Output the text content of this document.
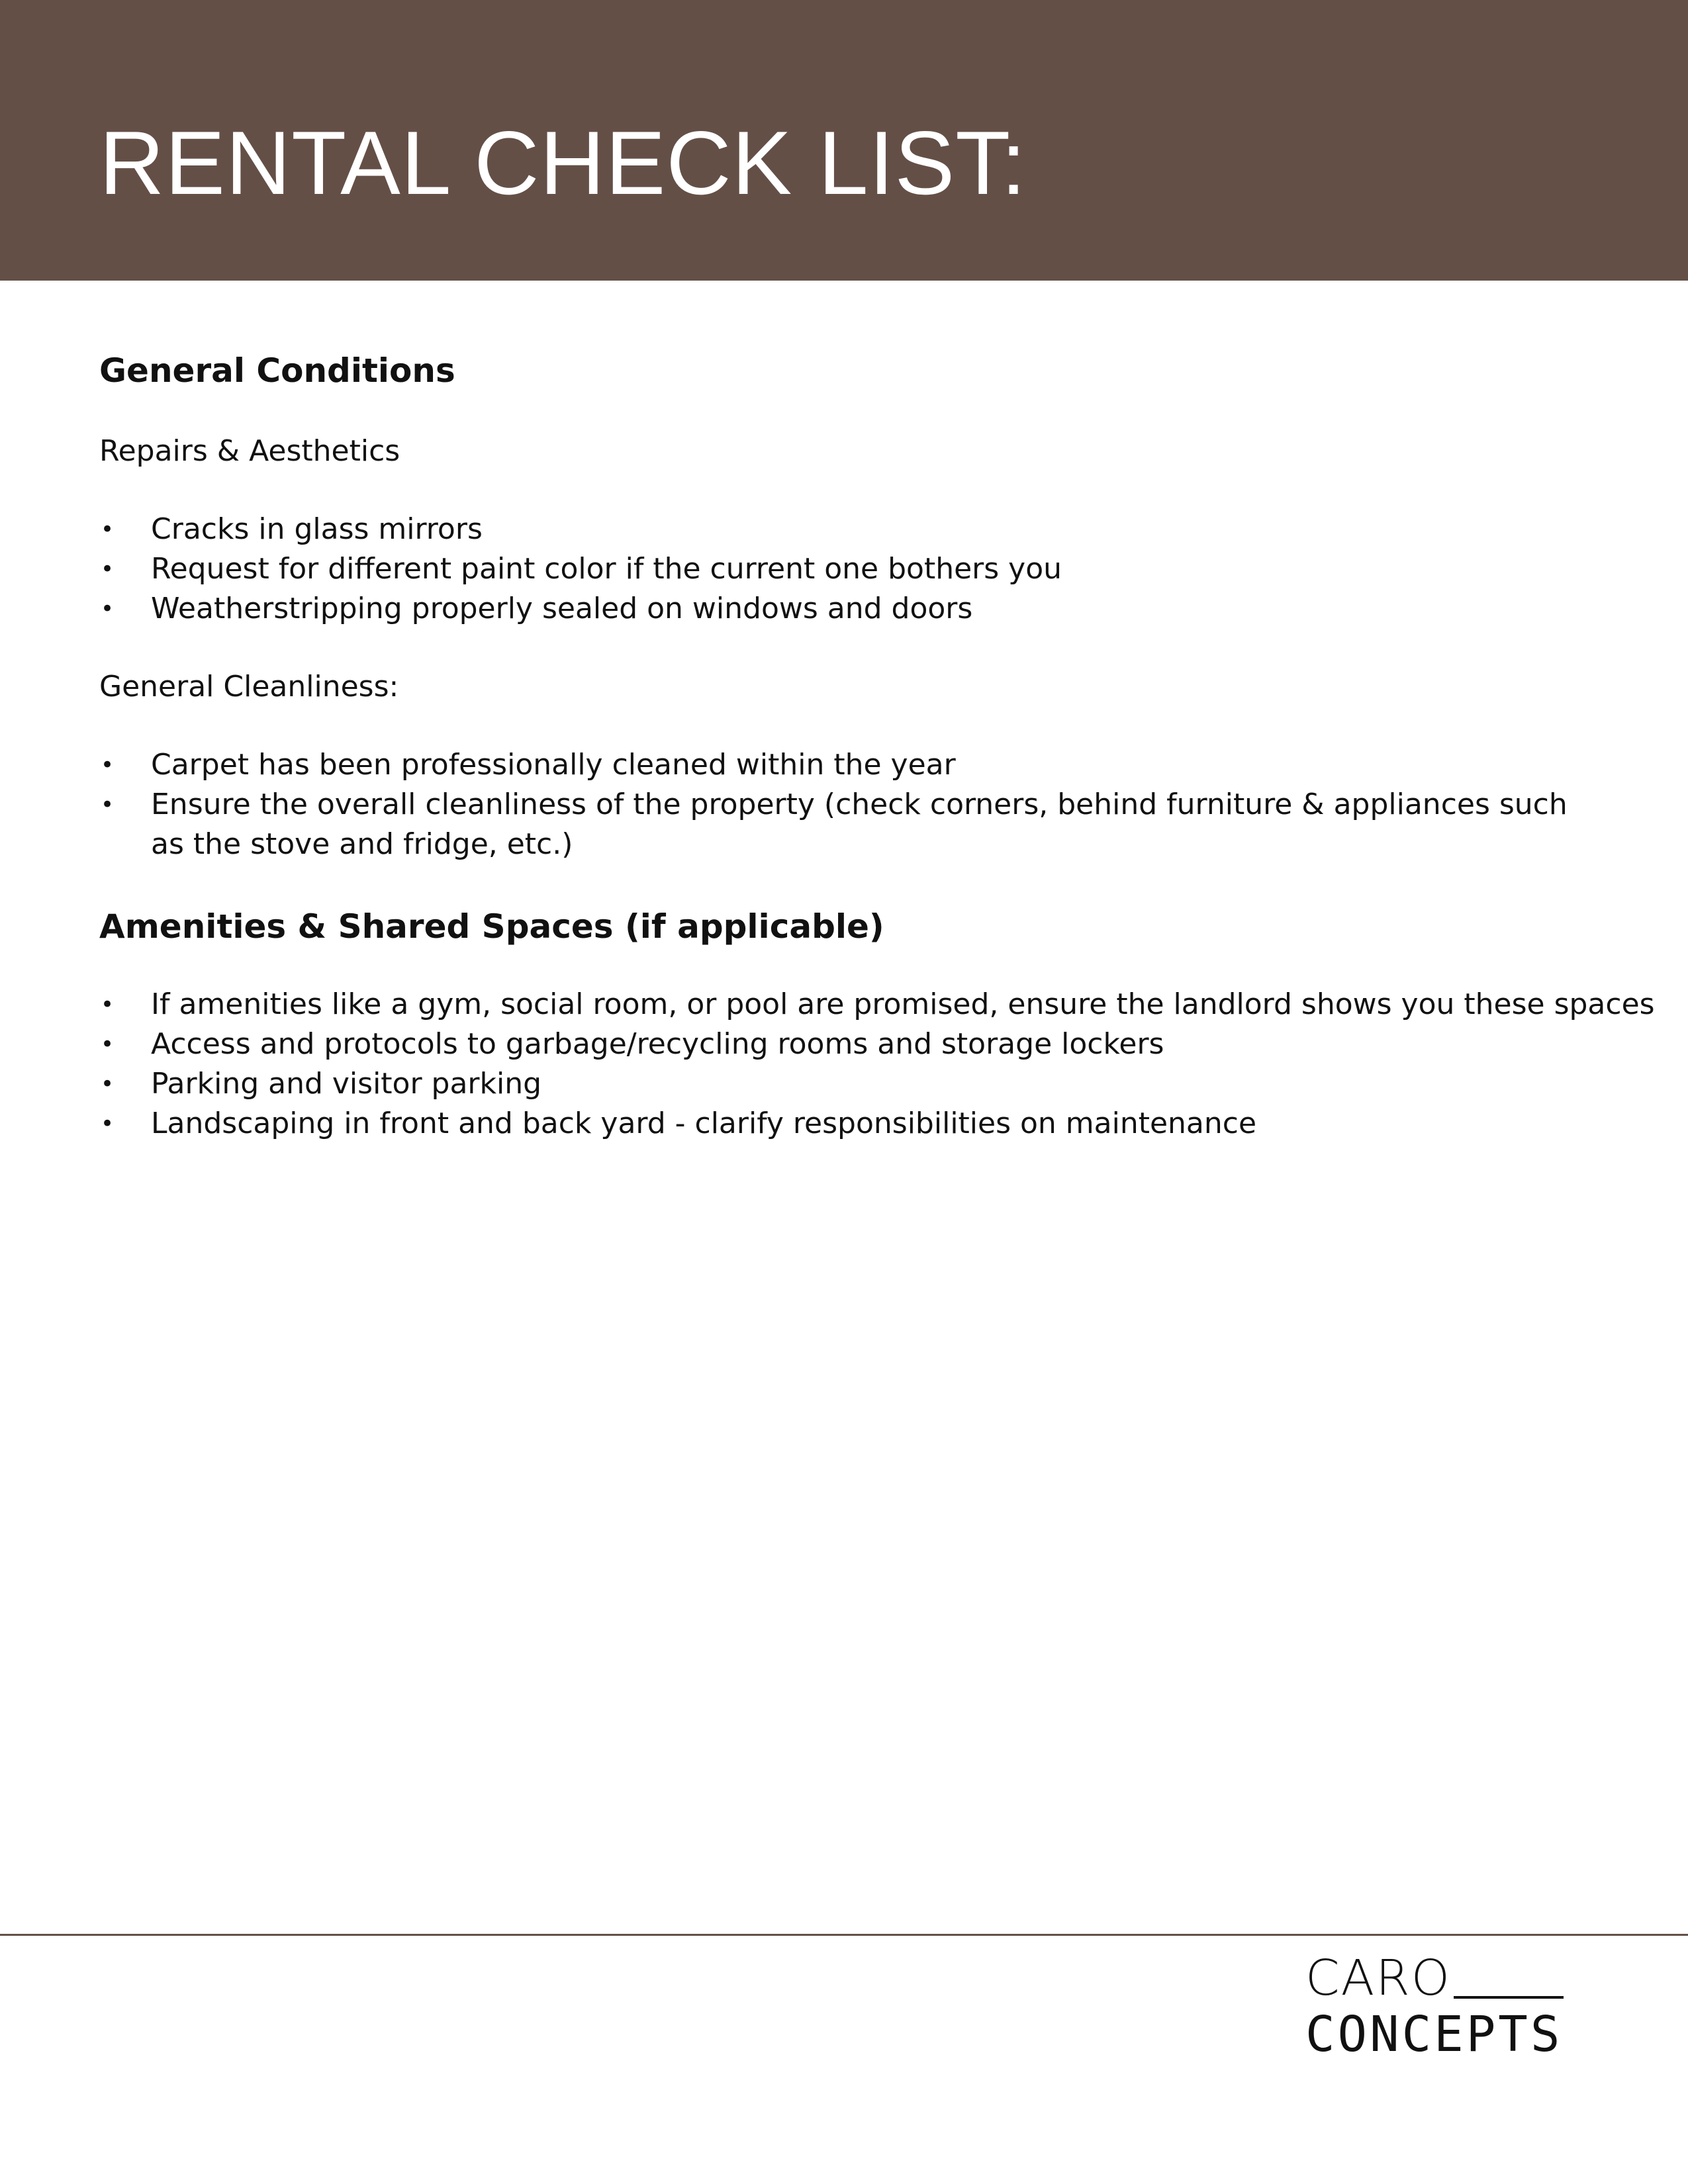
RENTAL CHECK LIST:
General Conditions

Repairs & Aesthetics

• Cracks in glass mirrors
• Request for different paint color if the current one bothers you
• Weatherstripping properly sealed on windows and doors

General Cleanliness:

• Carpet has been professionally cleaned within the year
• Ensure the overall cleanliness of the property (check corners, behind furniture & appliances such as the stove and fridge, etc.)
Amenities & Shared Spaces (if applicable)
• If amenities like a gym, social room, or pool are promised, ensure the landlord shows you these spaces
• Access and protocols to garbage/recycling rooms and storage lockers
• Parking and visitor parking
• Landscaping in front and back yard - clarify responsibilities on maintenance
CARO
CONCEPTS
